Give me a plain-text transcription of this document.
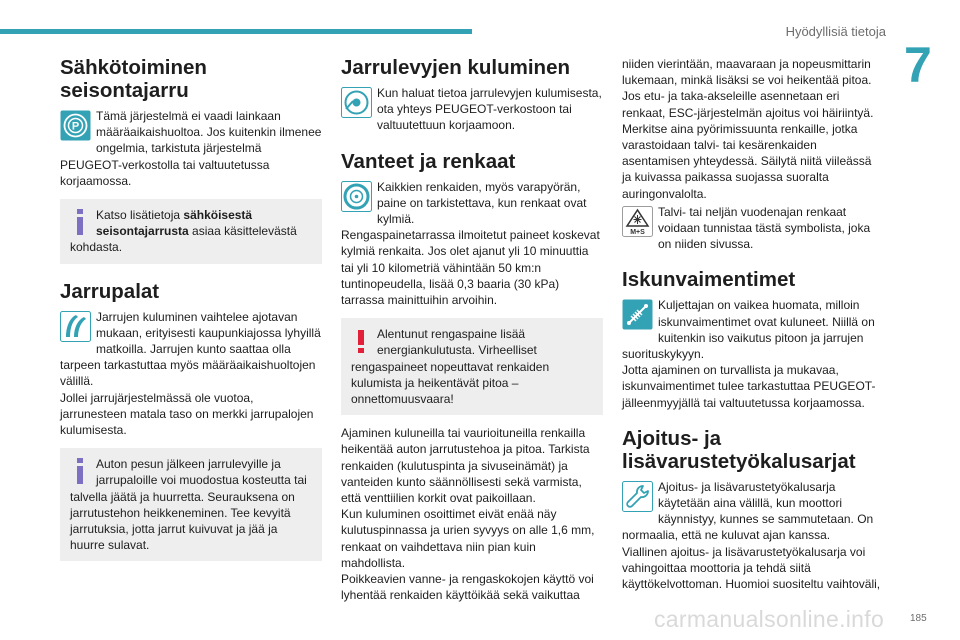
Hyödyllisiä tietoja
7
Sähkötoiminen seisontajarru
P

Tämä järjestelmä ei vaadi lainkaan määräaikaishuoltoa. Jos kuitenkin ilmenee ongelmia, tarkistuta järjestelmä PEUGEOT-verkostolla tai valtuutetussa korjaamossa.

Katso lisätietoja sähköisestä seisontajarrusta asiaa käsittelevästä kohdasta.
Jarrupalat

Jarrujen kuluminen vaihtelee ajotavan mukaan, erityisesti kaupunkiajossa lyhyillä matkoilla. Jarrujen kunto saattaa olla tarpeen tarkastuttaa myös määräaikaishuoltojen välillä.

Jollei jarrujärjestelmässä ole vuotoa, jarrunesteen matala taso on merkki jarrupalojen kulumisesta.

Auton pesun jälkeen jarrulevyille ja jarrupaloille voi muodostua kosteutta tai talvella jäätä ja huurretta. Seurauksena on jarrutustehon heikkeneminen. Tee kevyitä jarrutuksia, jotta jarrut kuivuvat ja jää ja huurre sulavat.
Jarrulevyjen kuluminen

Kun haluat tietoa jarrulevyjen kulumisesta, ota yhteys PEUGEOT-verkostoon tai valtuutettuun korjaamoon.

Vanteet ja renkaat

Kaikkien renkaiden, myös varapyörän, paine on tarkistettava, kun renkaat ovat kylmiä.

Rengaspainetarrassa ilmoitetut paineet koskevat kylmiä renkaita. Jos olet ajanut yli 10 minuuttia tai yli 10 kilometriä vähintään 50 km:n tuntinopeudella, lisää 0,3 baaria (30 kPa) tarrassa mainittuihin arvoihin.

Alentunut rengaspaine lisää energiankulutusta. Virheelliset rengaspaineet nopeuttavat renkaiden kulumista ja heikentävät pitoa – onnettomuusvaara!

Ajaminen kuluneilla tai vaurioituneilla renkailla heikentää auton jarrutustehoa ja pitoa. Tarkista renkaiden (kulutuspinta ja sivuseinämät) ja vanteiden kunto säännöllisesti sekä varmista, että venttiilien korkit ovat paikoillaan.

Kun kuluminen osoittimet eivät enää näy kulutuspinnassa ja urien syvyys on alle 1,6 mm, renkaat on vaihdettava niin pian kuin mahdollista.

Poikkeavien vanne- ja rengaskokojen käyttö voi lyhentää renkaiden käyttöikää sekä vaikuttaa

niiden vierintään, maavaraan ja nopeusmittarin lukemaan, minkä lisäksi se voi heikentää pitoa.

Jos etu- ja taka-akseleille asennetaan eri renkaat, ESC-järjestelmän ajoitus voi häiriintyä.

Merkitse aina pyörimissuunta renkaille, jotka varastoidaan talvi- tai kesärenkaiden asentamisen yhteydessä. Säilytä niitä viileässä ja kuivassa paikassa suojassa suoralta auringonvalolta.

M+S

Talvi- tai neljän vuodenajan renkaat voidaan tunnistaa tästä symbolista, joka on niiden sivussa.

Iskunvaimentimet

Kuljettajan on vaikea huomata, milloin iskunvaimentimet ovat kuluneet. Niillä on kuitenkin iso vaikutus pitoon ja jarrujen suorituskykyyn.

Jotta ajaminen on turvallista ja mukavaa, iskunvaimentimet tulee tarkastuttaa PEUGEOT-jälleenmyyjällä tai valtuutetussa korjaamossa.

Ajoitus- ja lisävarustetyökalusarjat

Ajoitus- ja lisävarustetyökalusarja käytetään aina välillä, kun moottori käynnistyy, kunnes se sammutetaan. On normaalia, että ne kuluvat ajan kanssa.

Viallinen ajoitus- ja lisävarustetyökalusarja voi vahingoittaa moottoria ja tehdä siitä käyttökelvottoman. Huomioi suositeltu vaihtoväli,

carmanualsonline.info	185
